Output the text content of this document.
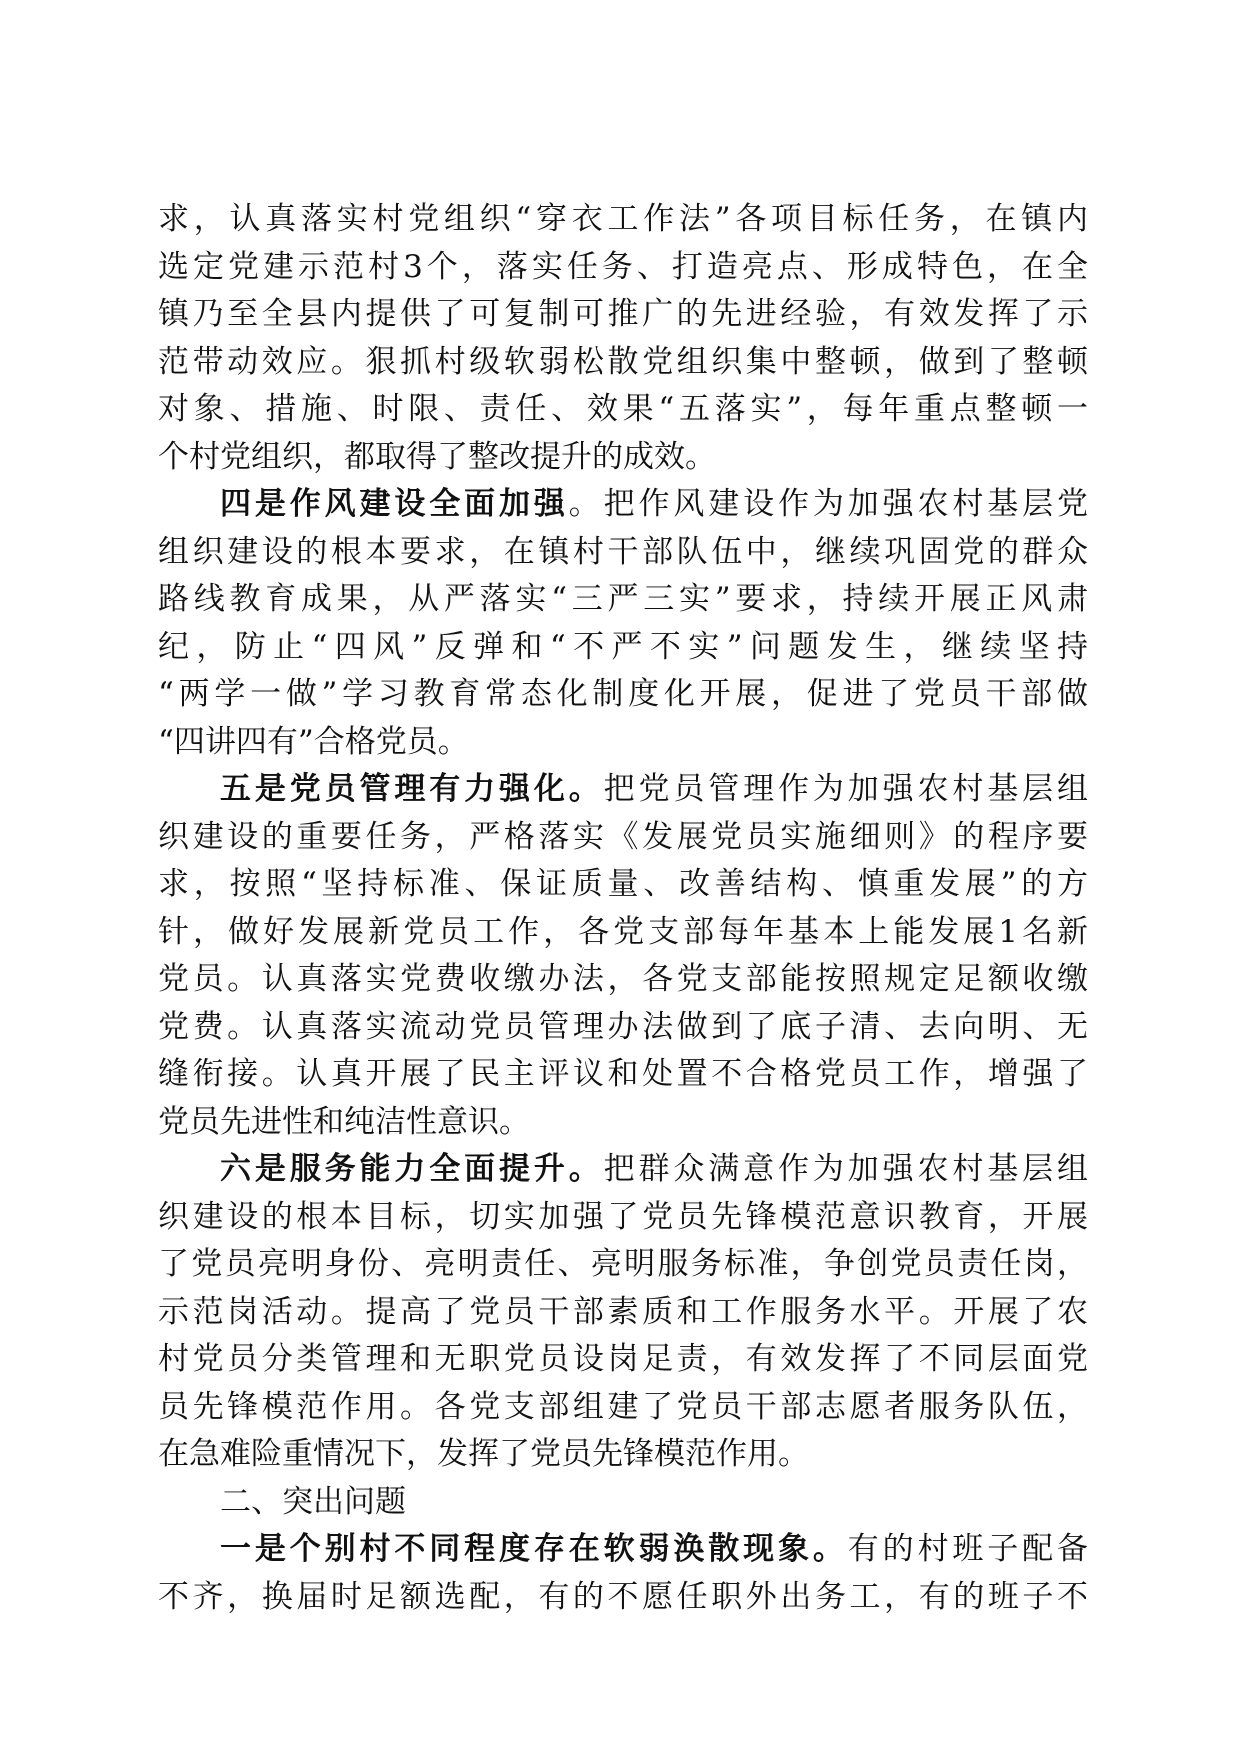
求，认真落实村党组织“穿衣工作法”各项目标任务，在镇内
选定党建示范村3个，落实任务、打造亮点、形成特色，在全
镇乃至全县内提供了可复制可推广的先进经验，有效发挥了示
范带动效应。狠抓村级软弱松散党组织集中整顿，做到了整顿
对象、措施、时限、责任、效果“五落实”，每年重点整顿一
个村党组织，都取得了整改提升的成效。
四是作风建设全面加强。把作风建设作为加强农村基层党
组织建设的根本要求，在镇村干部队伍中，继续巩固党的群众
路线教育成果，从严落实“三严三实”要求，持续开展正风肃
纪，防止“四风”反弹和“不严不实”问题发生，继续坚持
“两学一做”学习教育常态化制度化开展，促进了党员干部做
“四讲四有”合格党员。
五是党员管理有力强化。把党员管理作为加强农村基层组
织建设的重要任务，严格落实《发展党员实施细则》的程序要
求，按照“坚持标准、保证质量、改善结构、慎重发展”的方
针，做好发展新党员工作，各党支部每年基本上能发展1名新
党员。认真落实党费收缴办法，各党支部能按照规定足额收缴
党费。认真落实流动党员管理办法做到了底子清、去向明、无
缝衔接。认真开展了民主评议和处置不合格党员工作，增强了
党员先进性和纯洁性意识。
六是服务能力全面提升。把群众满意作为加强农村基层组
织建设的根本目标，切实加强了党员先锋模范意识教育，开展
了党员亮明身份、亮明责任、亮明服务标准，争创党员责任岗，
示范岗活动。提高了党员干部素质和工作服务水平。开展了农
村党员分类管理和无职党员设岗足责，有效发挥了不同层面党
员先锋模范作用。各党支部组建了党员干部志愿者服务队伍，
在急难险重情况下，发挥了党员先锋模范作用。
二、突出问题
一是个别村不同程度存在软弱涣散现象。有的村班子配备
不齐，换届时足额选配，有的不愿任职外出务工，有的班子不
